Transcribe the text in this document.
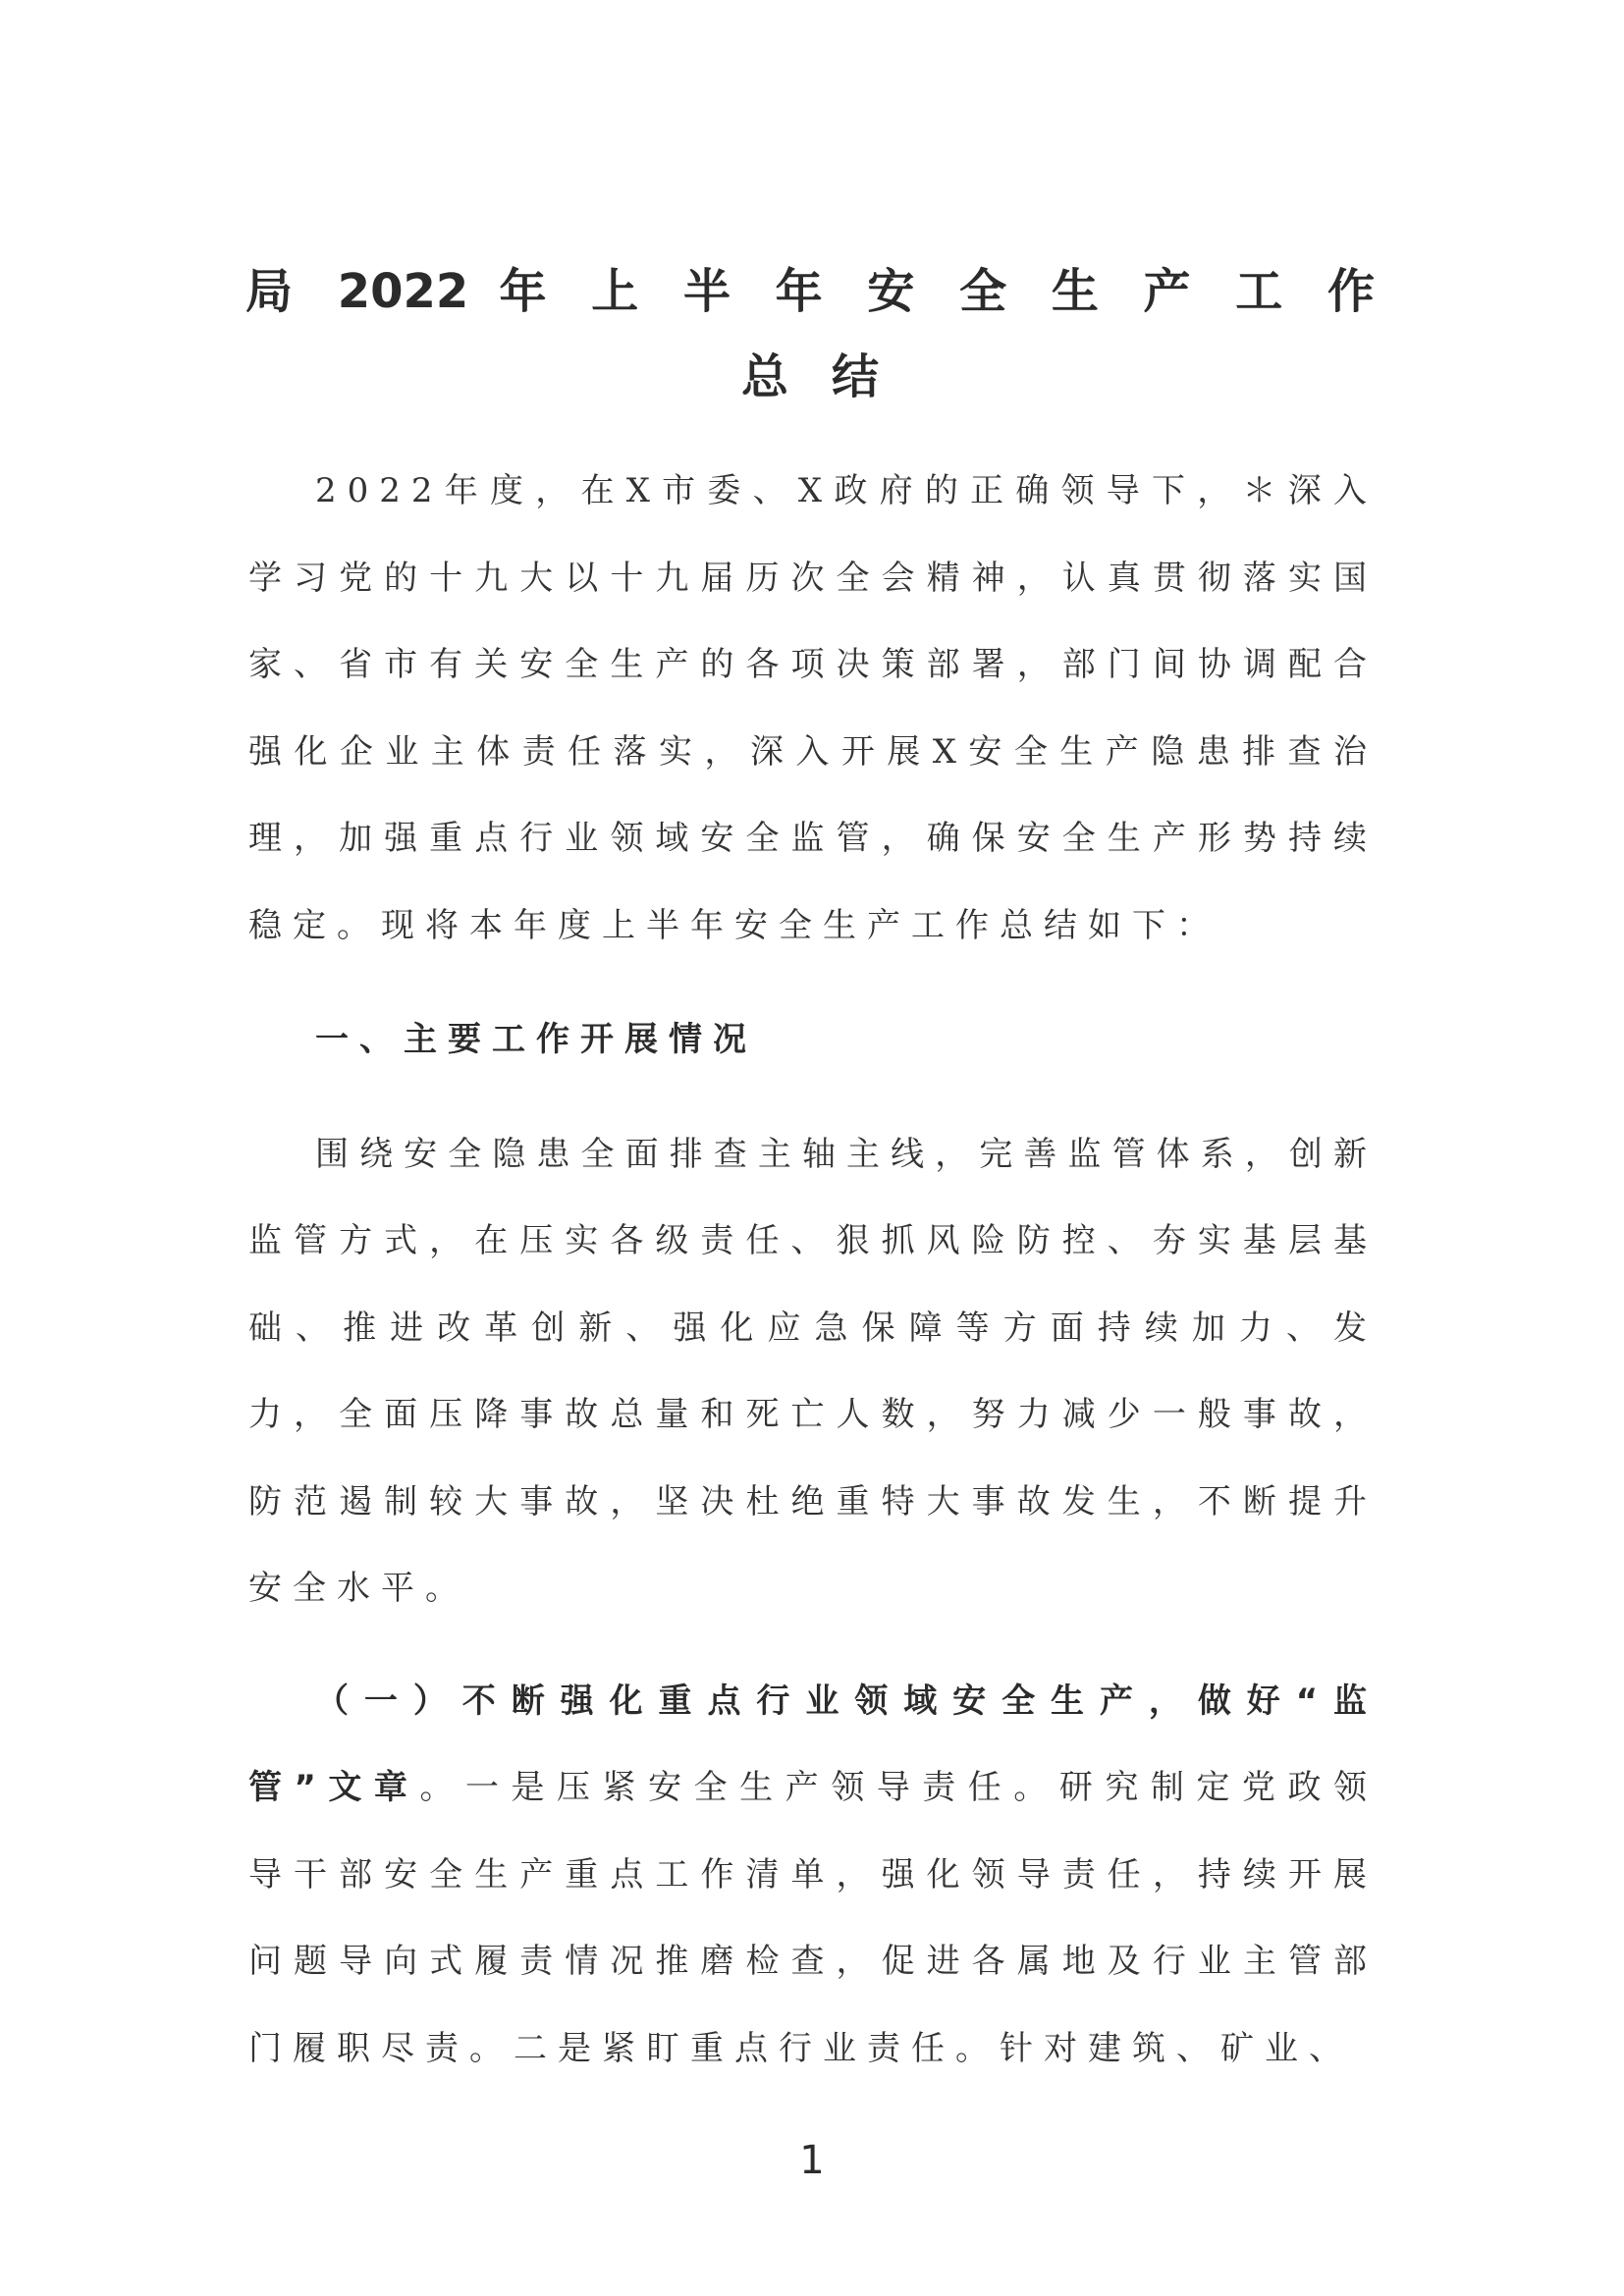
局 2022 年 上 半 年 安 全 生 产 工 作
总结

2022年度，在X市委、X政府的正确领导下，＊深入学习党的十九大以十九届历次全会精神，认真贯彻落实国家、省市有关安全生产的各项决策部署，部门间协调配合强化企业主体责任落实，深入开展X安全生产隐患排查治理，加强重点行业领域安全监管，确保安全生产形势持续稳定。现将本年度上半年安全生产工作总结如下：

一、主要工作开展情况

围绕安全隐患全面排查主轴主线，完善监管体系，创新监管方式，在压实各级责任、狠抓风险防控、夯实基层基础、推进改革创新、强化应急保障等方面持续加力、发力，全面压降事故总量和死亡人数，努力减少一般事故，防范遏制较大事故，坚决杜绝重特大事故发生，不断提升安全水平。

（一）不断强化重点行业领域安全生产，做好“监管”文章。一是压紧安全生产领导责任。研究制定党政领导干部安全生产重点工作清单，强化领导责任，持续开展问题导向式履责情况推磨检查，促进各属地及行业主管部门履职尽责。二是紧盯重点行业责任。针对建筑、矿业、

1
